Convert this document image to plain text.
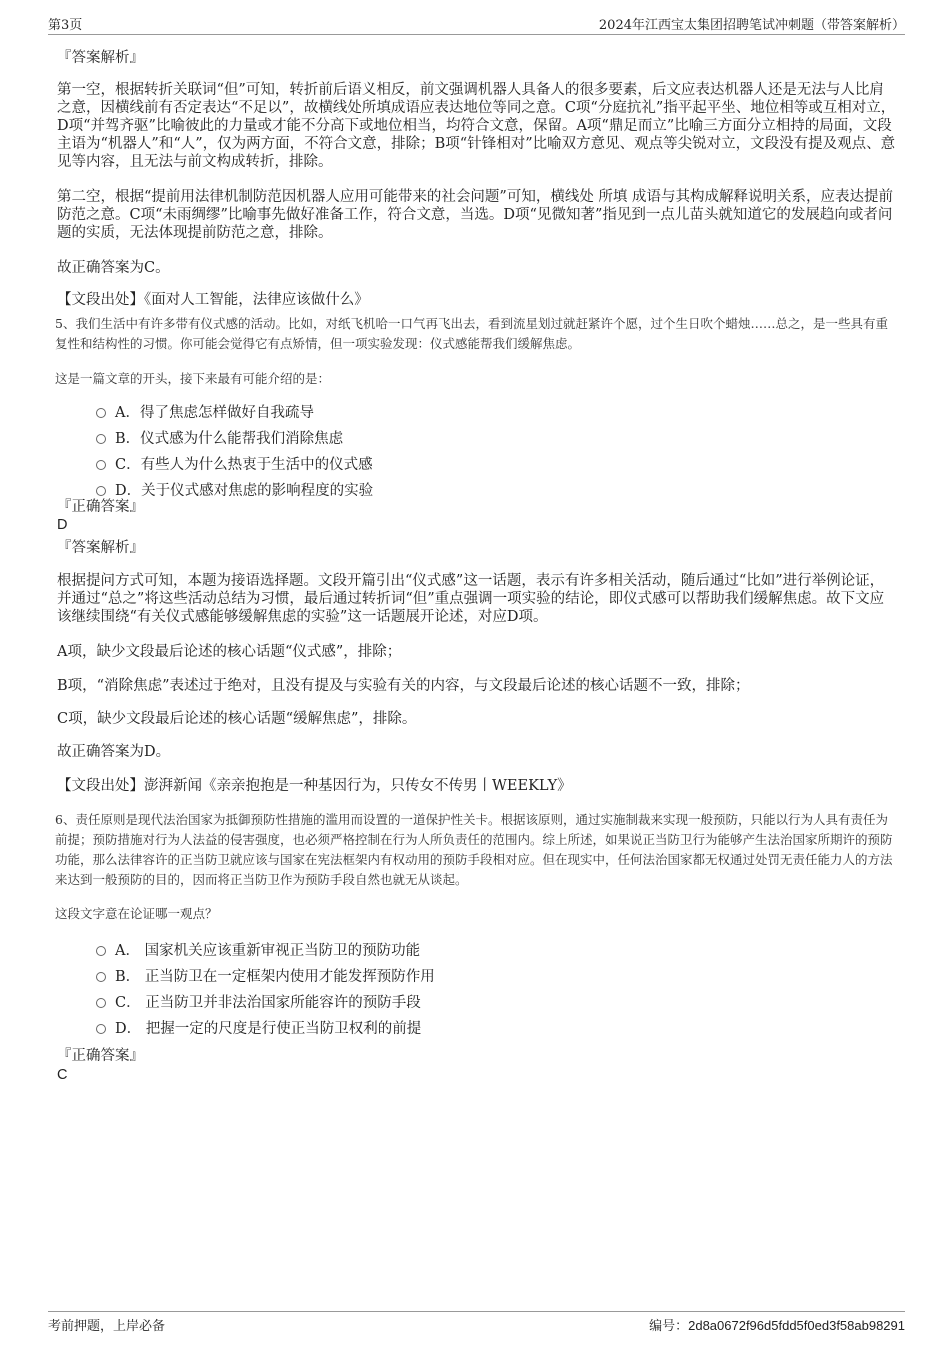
第3页	2024年江西宝太集团招聘笔试冲刺题（带答案解析）
『答案解析』

第一空，根据转折关联词“但”可知，转折前后语义相反，前文强调机器人具备人的很多要素，后文应表达机器人还是无法与人比肩之意，因横线前有否定表达“不足以”，故横线处所填成语应表达地位等同之意。C项“分庭抗礼”指平起平坐、地位相等或互相对立，D项“并驾齐驱”比喻彼此的力量或才能不分高下或地位相当，均符合文意，保留。A项“鼎足而立”比喻三方面分立相持的局面，文段主语为“机器人”和“人”，仅为两方面，不符合文意，排除；B项“针锋相对”比喻双方意见、观点等尖锐对立，文段没有提及观点、意见等内容，且无法与前文构成转折，排除。

第二空，根据“提前用法律机制防范因机器人应用可能带来的社会问题”可知，横线处 所填 成语与其构成解释说明关系，应表达提前防范之意。C项“未雨绸缪”比喻事先做好准备工作，符合文意，当选。D项“见微知著”指见到一点儿苗头就知道它的发展趋向或者问题的实质，无法体现提前防范之意，排除。

故正确答案为C。
【文段出处】《面对人工智能，法律应该做什么》

5、我们生活中有许多带有仪式感的活动。比如，对纸飞机哈一口气再飞出去，看到流星划过就赶紧许个愿，过个生日吹个蜡烛……总之，是一些具有重复性和结构性的习惯。你可能会觉得它有点矫情，但一项实验发现：仪式感能帮我们缓解焦虑。

这是一篇文章的开头，接下来最有可能介绍的是：
A．得了焦虑怎样做好自我疏导
B．仪式感为什么能帮我们消除焦虑
C．有些人为什么热衷于生活中的仪式感
D．关于仪式感对焦虑的影响程度的实验
『正确答案』
D
『答案解析』

根据提问方式可知，本题为接语选择题。文段开篇引出“仪式感”这一话题，表示有许多相关活动，随后通过“比如”进行举例论证，并通过“总之”将这些活动总结为习惯，最后通过转折词“但”重点强调一项实验的结论，即仪式感可以帮助我们缓解焦虑。故下文应该继续围绕“有关仪式感能够缓解焦虑的实验”这一话题展开论述，对应D项。

A项，缺少文段最后论述的核心话题“仪式感”，排除；
B项，“消除焦虑”表述过于绝对，且没有提及与实验有关的内容，与文段最后论述的核心话题不一致，排除；
C项，缺少文段最后论述的核心话题“缓解焦虑”，排除。
故正确答案为D。
【文段出处】澎湃新闻《亲亲抱抱是一种基因行为，只传女不传男丨WEEKLY》

6、责任原则是现代法治国家为抵御预防性措施的滥用而设置的一道保护性关卡。根据该原则，通过实施制裁来实现一般预防，只能以行为人具有责任为前提；预防措施对行为人法益的侵害强度，也必须严格控制在行为人所负责任的范围内。综上所述，如果说正当防卫行为能够产生法治国家所期许的预防功能，那么法律容许的正当防卫就应该与国家在宪法框架内有权动用的预防手段相对应。但在现实中，任何法治国家都无权通过处罚无责任能力人的方法来达到一般预防的目的，因而将正当防卫作为预防手段自然也就无从谈起。

这段文字意在论证哪一观点？
A． 国家机关应该重新审视正当防卫的预防功能
B． 正当防卫在一定框架内使用才能发挥预防作用
C． 正当防卫并非法治国家所能容许的预防手段
D． 把握一定的尺度是行使正当防卫权利的前提
『正确答案』
C
考前押题，上岸必备	编号：2d8a0672f96d5fdd5f0ed3f58ab98291
